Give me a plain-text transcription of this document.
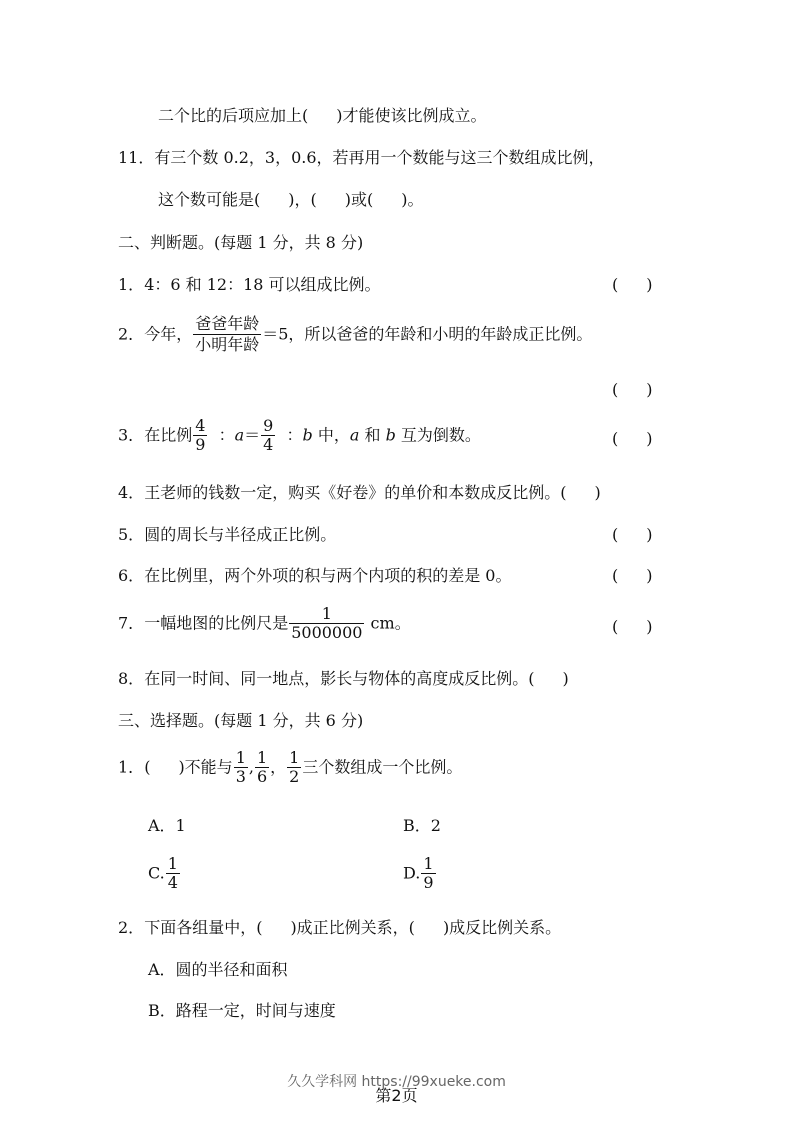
二个比的后项应加上( )才能使该比例成立。
11．有三个数 0.2，3，0.6，若再用一个数能与这三个数组成比例，
这个数可能是( )，( )或( )。
二、判断题。(每题 1 分，共 8 分)
1．4：6 和 12：18 可以组成比例。	( )
2．今年， $\frac{\text{爸爸年龄}}{\text{小明年龄}} =5$，所以爸爸的年龄和小明的年龄成正比例。
( )
3．在比例 $\frac{4}{9}$ ：$a= \frac{9}{4}$ ：b 中，a 和 b 互为倒数。	( )
4．王老师的钱数一定，购买《好卷》的单价和本数成反比例。( )
5．圆的周长与半径成正比例。	( )
6．在比例里，两个外项的积与两个内项的积的差是 0。	( )
7．一幅地图的比例尺是 $\frac{1}{5000000}$ cm。	( )
8．在同一时间、同一地点，影长与物体的高度成反比例。( )
三、选择题。(每题 1 分，共 6 分)
1．( )不能与 $\frac{1}{3}$ , $\frac{1}{6}$ ， $\frac{1}{2}$ 三个数组成一个比例。
A．1	B．2
C. $\frac{1}{4}$	D. $\frac{1}{9}$
2．下面各组量中，( )成正比例关系，( )成反比例关系。
A．圆的半径和面积
B．路程一定，时间与速度
久久学科网 https://99xueke.com
第2页
